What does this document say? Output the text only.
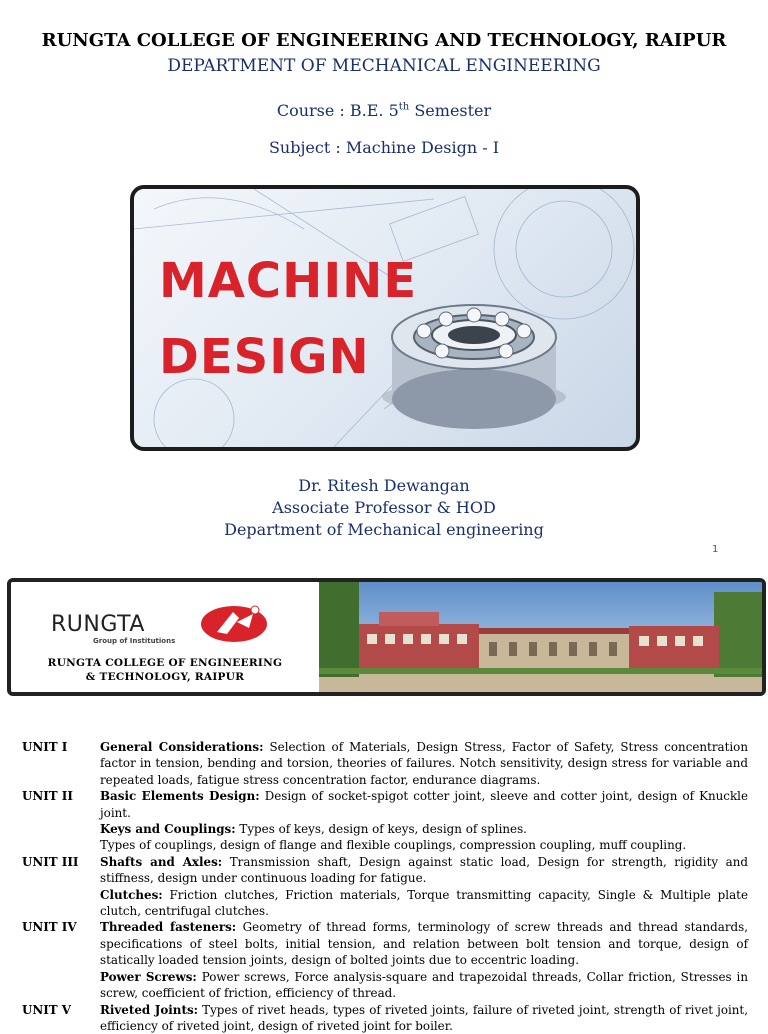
RUNGTA COLLEGE OF ENGINEERING AND TECHNOLOGY, RAIPUR
DEPARTMENT OF MECHANICAL ENGINEERING
Course : B.E. 5th Semester
Subject : Machine Design - I
MACHINE
DESIGN
Dr. Ritesh Dewangan
Associate Professor & HOD
Department of Mechanical engineering
1
RUNGTA
Group of Institutions
RUNGTA COLLEGE OF ENGINEERING
& TECHNOLOGY, RAIPUR
UNIT I	General Considerations: Selection of Materials, Design Stress, Factor of Safety, Stress concentration factor in tension, bending and torsion, theories of failures. Notch sensitivity, design stress for variable and repeated loads, fatigue stress concentration factor, endurance diagrams.
UNIT II	Basic Elements Design: Design of socket-spigot cotter joint, sleeve and cotter joint, design of Knuckle joint.
Keys and Couplings: Types of keys, design of keys, design of splines.
Types of couplings, design of flange and flexible couplings, compression coupling, muff coupling.
UNIT III	Shafts and Axles: Transmission shaft, Design against static load, Design for strength, rigidity and stiffness, design under continuous loading for fatigue.
Clutches: Friction clutches, Friction materials, Torque transmitting capacity, Single & Multiple plate clutch, centrifugal clutches.
UNIT IV	Threaded fasteners: Geometry of thread forms, terminology of screw threads and thread standards, specifications of steel bolts, initial tension, and relation between bolt tension and torque, design of statically loaded tension joints, design of bolted joints due to eccentric loading.
Power Screws: Power screws, Force analysis-square and trapezoidal threads, Collar friction, Stresses in screw, coefficient of friction, efficiency of thread.
UNIT V	Riveted Joints: Types of rivet heads, types of riveted joints, failure of riveted joint, strength of rivet joint, efficiency of riveted joint, design of riveted joint for boiler.
